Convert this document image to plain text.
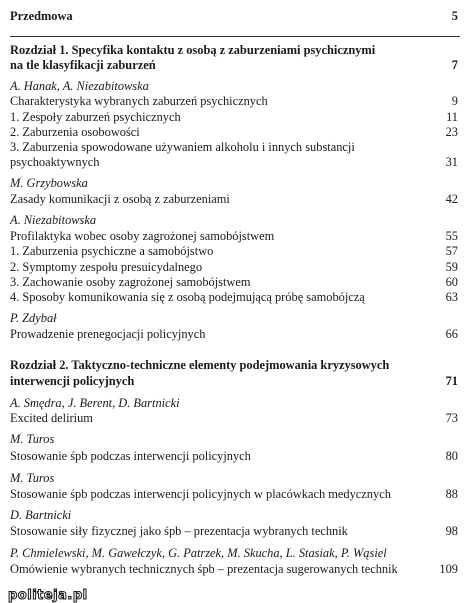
Przedmowa	5
Rozdział 1. Specyfika kontaktu z osobą z zaburzeniami psychicznymi
na tle klasyfikacji zaburzeń	7
A. Hanak, A. Niezabitowska
Charakterystyka wybranych zaburzeń psychicznych	9
1. Zespoły zaburzeń psychicznych	11
2. Zaburzenia osobowości	23
3. Zaburzenia spowodowane używaniem alkoholu i innych substancji
psychoaktywnych	31
M. Grzybowska
Zasady komunikacji z osobą z zaburzeniami	42
A. Niezabitowska
Profilaktyka wobec osoby zagrożonej samobójstwem	55
1. Zaburzenia psychiczne a samobójstwo	57
2. Symptomy zespołu presuicydalnego	59
3. Zachowanie osoby zagrożonej samobójstwem	60
4. Sposoby komunikowania się z osobą podejmującą próbę samobójczą	63
P. Zdybał
Prowadzenie prenegocjacji policyjnych	66
Rozdział 2. Taktyczno-techniczne elementy podejmowania kryzysowych
interwencji policyjnych	71
A. Smędra, J. Berent, D. Bartnicki
Excited delirium	73
M. Turos
Stosowanie śpb podczas interwencji policyjnych	80
M. Turos
Stosowanie śpb podczas interwencji policyjnych w placówkach medycznych	88
D. Bartnicki
Stosowanie siły fizycznej jako śpb – prezentacja wybranych technik	98
P. Chmielewski, M. Gawełczyk, G. Patrzek, M. Skucha, L. Stasiak, P. Wąsiel
Omówienie wybranych technicznych śpb – prezentacja sugerowanych technik	109
politeja.pl
